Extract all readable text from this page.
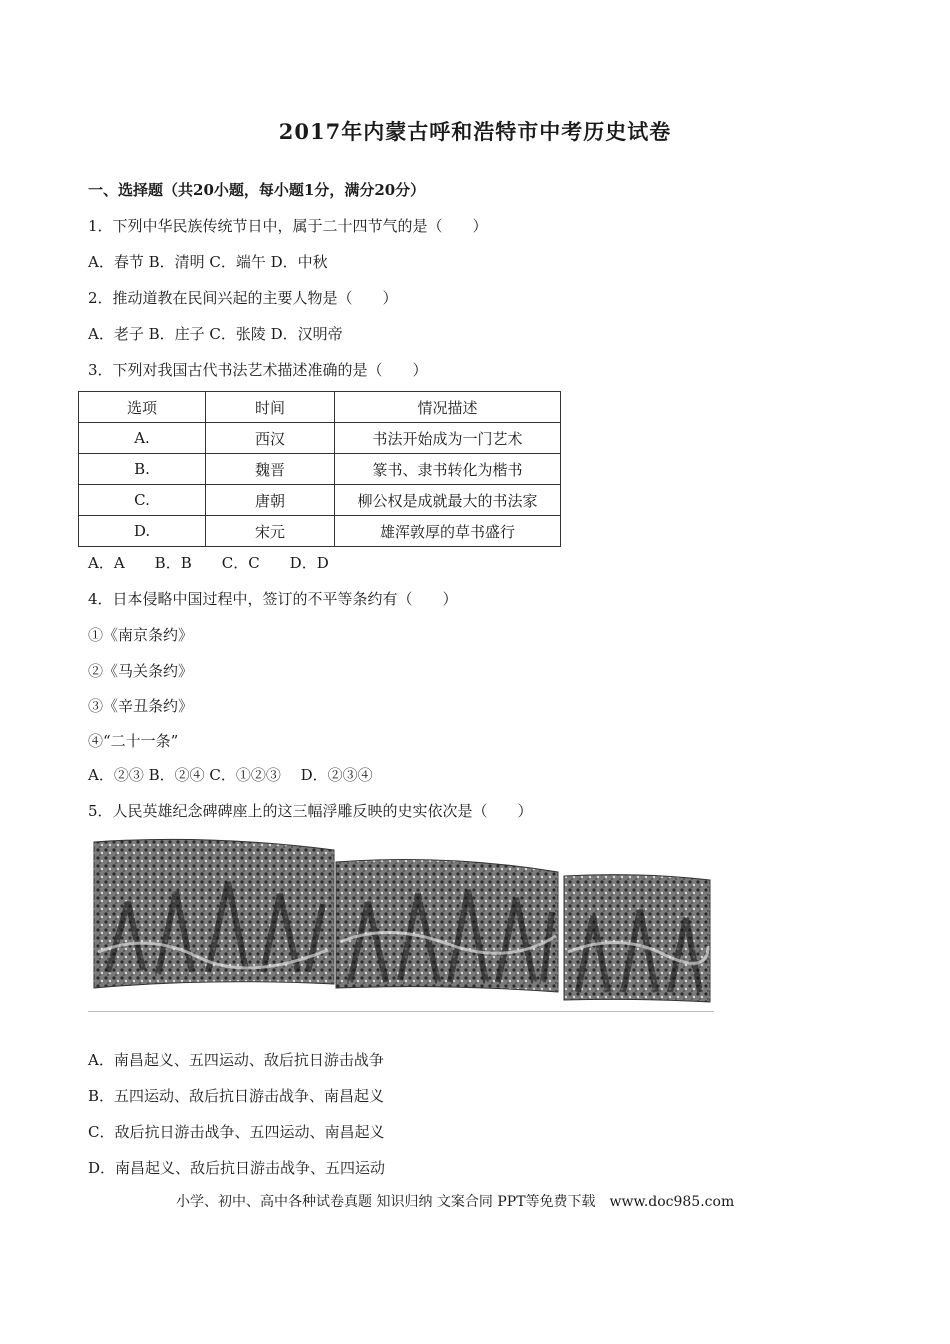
2017年内蒙古呼和浩特市中考历史试卷
一、选择题（共20小题，每小题1分，满分20分）
1．下列中华民族传统节日中，属于二十四节气的是（　　）
A．春节 B．清明 C．端午 D．中秋
2．推动道教在民间兴起的主要人物是（　　）
A．老子 B．庄子 C．张陵 D．汉明帝
3．下列对我国古代书法艺术描述准确的是（　　）
选项	时间	情况描述
A.	西汉	书法开始成为一门艺术
B.	魏晋	篆书、隶书转化为楷书
C.	唐朝	柳公权是成就最大的书法家
D.	宋元	雄浑敦厚的草书盛行
A．A　　B．B　　C．C　　D．D
4．日本侵略中国过程中，签订的不平等条约有（　　）
①《南京条约》
②《马关条约》
③《辛丑条约》
④“二十一条”
A．②③ B．②④ C．①②③　 D．②③④
5．人民英雄纪念碑碑座上的这三幅浮雕反映的史实依次是（　　）
A．南昌起义、五四运动、敌后抗日游击战争
B．五四运动、敌后抗日游击战争、南昌起义
C．敌后抗日游击战争、五四运动、南昌起义
D．南昌起义、敌后抗日游击战争、五四运动
小学、初中、高中各种试卷真题 知识归纳 文案合同 PPT等免费下载　www.doc985.com
